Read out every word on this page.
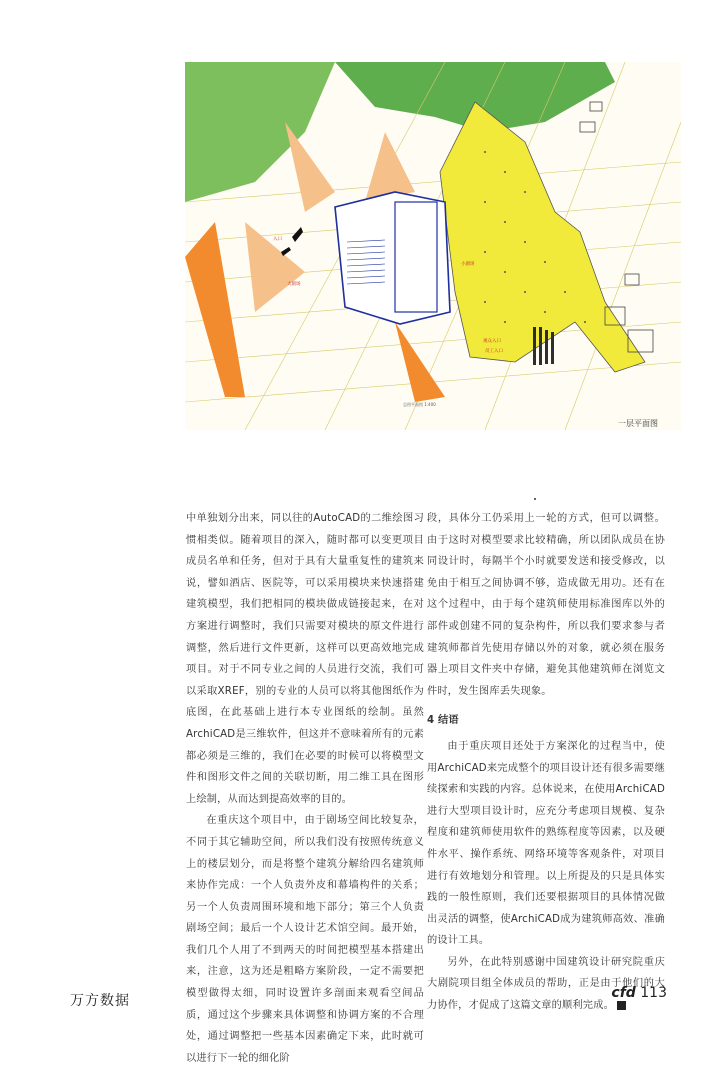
入口
大剧场
小剧场
观众入口
员工入口
总图平面图 1:400
一层平面图

中单独划分出来，同以往的AutoCAD的二维绘图习惯相类似。随着项目的深入，随时都可以变更项目成员名单和任务，但对于具有大量重复性的建筑来说，譬如酒店、医院等，可以采用模块来快速搭建建筑模型，我们把相同的模块做成链接起来，在对方案进行调整时，我们只需要对模块的原文件进行调整，然后进行文件更新，这样可以更高效地完成项目。对于不同专业之间的人员进行交流，我们可以采取XREF，别的专业的人员可以将其他图纸作为底图，在此基础上进行本专业图纸的绘制。虽然ArchiCAD是三维软件，但这并不意味着所有的元素都必须是三维的，我们在必要的时候可以将模型文件和图形文件之间的关联切断，用二维工具在图形上绘制，从而达到提高效率的目的。

在重庆这个项目中，由于剧场空间比较复杂，不同于其它辅助空间，所以我们没有按照传统意义上的楼层划分，而是将整个建筑分解给四名建筑师来协作完成：一个人负责外皮和幕墙构件的关系；另一个人负责周围环境和地下部分；第三个人负责剧场空间；最后一个人设计艺术馆空间。最开始，我们几个人用了不到两天的时间把模型基本搭建出来，注意，这为还是粗略方案阶段，一定不需要把模型做得太细，同时设置许多剖面来观看空间品质，通过这个步骤来具体调整和协调方案的不合理处，通过调整把一些基本因素确定下来，此时就可以进行下一轮的细化阶

段，具体分工仍采用上一轮的方式，但可以调整。由于这时对模型要求比较精确，所以团队成员在协同设计时，每隔半个小时就要发送和接受修改，以免由于相互之间协调不够，造成做无用功。还有在这个过程中，由于每个建筑师使用标准图库以外的部件或创建不同的复杂构件，所以我们要求参与者建筑师都首先使用存储以外的对象，就必须在服务器上项目文件夹中存储，避免其他建筑师在浏览文件时，发生图库丢失现象。

4 结语

由于重庆项目还处于方案深化的过程当中，使用ArchiCAD来完成整个的项目设计还有很多需要继续探索和实践的内容。总体说来，在使用ArchiCAD进行大型项目设计时，应充分考虑项目规模、复杂程度和建筑师使用软件的熟练程度等因素，以及硬件水平、操作系统、网络环境等客观条件，对项目进行有效地划分和管理。以上所提及的只是具体实践的一般性原则，我们还要根据项目的具体情况做出灵活的调整，使ArchiCAD成为建筑师高效、准确的设计工具。

另外，在此特别感谢中国建筑设计研究院重庆大剧院项目组全体成员的帮助，正是由于他们的大力协作，才促成了这篇文章的顺利完成。

万方数据	cfd 113
